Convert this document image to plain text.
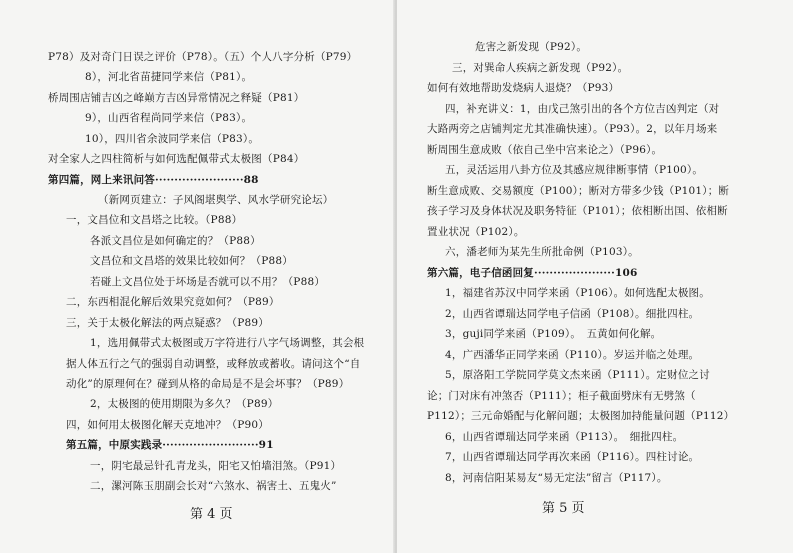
P78）及对奇门日误之评价（P78）。（五）个人八字分析（P79）
8），河北省苗捷同学来信（P81）。
桥周围店铺吉凶之峰巅方吉凶异常情况之释疑（P81）
9），山西省程尚同学来信（P83）。
10），四川省余波同学来信（P83）。
对全家人之四柱简析与如何选配佩带式太极图（P84）
第四篇，网上来讯问答·······················88
（新网页建立：子风阁堪舆学、风水学研究论坛）
一，文昌位和文昌塔之比较。（P88）
各派文昌位是如何确定的？（P88）
文昌位和文昌塔的效果比较如何？（P88）
若碰上文昌位处于坏场是否就可以不用？（P88）
二，东西相混化解后效果究竟如何？（P89）
三，关于太极化解法的两点疑惑？（P89）
1，选用佩带式太极图或万字符进行八字气场调整，其会根
据人体五行之气的强弱自动调整，或释放或蓄收。请问这个“自
动化”的原理何在？碰到从格的命局是不是会坏事？（P89）
2，太极图的使用期限为多久？（P89）
四，如何用太极图化解天克地冲？（P90）
第五篇，中原实践录·························91
一，阴宅最忌针孔青龙头，阳宅又怕墙泪煞。（P91）
二，漯河陈玉朋副会长对“六煞水、祸害土、五鬼火”
第 4 页
危害之新发现（P92）。
三，对巽命人疾病之新发现（P92）。
如何有效地帮助发烧病人退烧？（P93）
四，补充讲义：1，由戊己煞引出的各个方位吉凶判定（对
大路两旁之店铺判定尤其准确快速）。（P93）。2，以年月场来
断周围生意成败（依自己坐中宫来论之）（P96）。
五，灵活运用八卦方位及其感应规律断事情（P100）。
断生意成败、交易额度（P100）；断对方带多少钱（P101）；断
孩子学习及身体状况及职务特征（P101）；依相断出国、依相断
置业状况（P102）。
六，潘老师为某先生所批命例（P103）。
第六篇，电子信函回复·····················106
1，福建省苏汉中同学来函（P106）。如何选配太极图。
2，山西省谭瑞达同学电子信函（P108）。细批四柱。
3，guji同学来函（P109）。　五黄如何化解。
4，广西潘华正同学来函（P110）。岁运并临之处理。
5，原洛阳工学院同学莫文杰来函（P111）。定财位之讨
论；门对床有冲煞否（P111）；柜子截面劈床有无劈煞（
P112）；三元命婚配与化解问题；太极图加持能量问题（P112）
6，山西省谭瑞达同学来函（P113）。　细批四柱。
7，山西省谭瑞达同学再次来函（P116）。四柱讨论。
8，河南信阳某易友“易无定法”留言（P117）。
第 5 页
